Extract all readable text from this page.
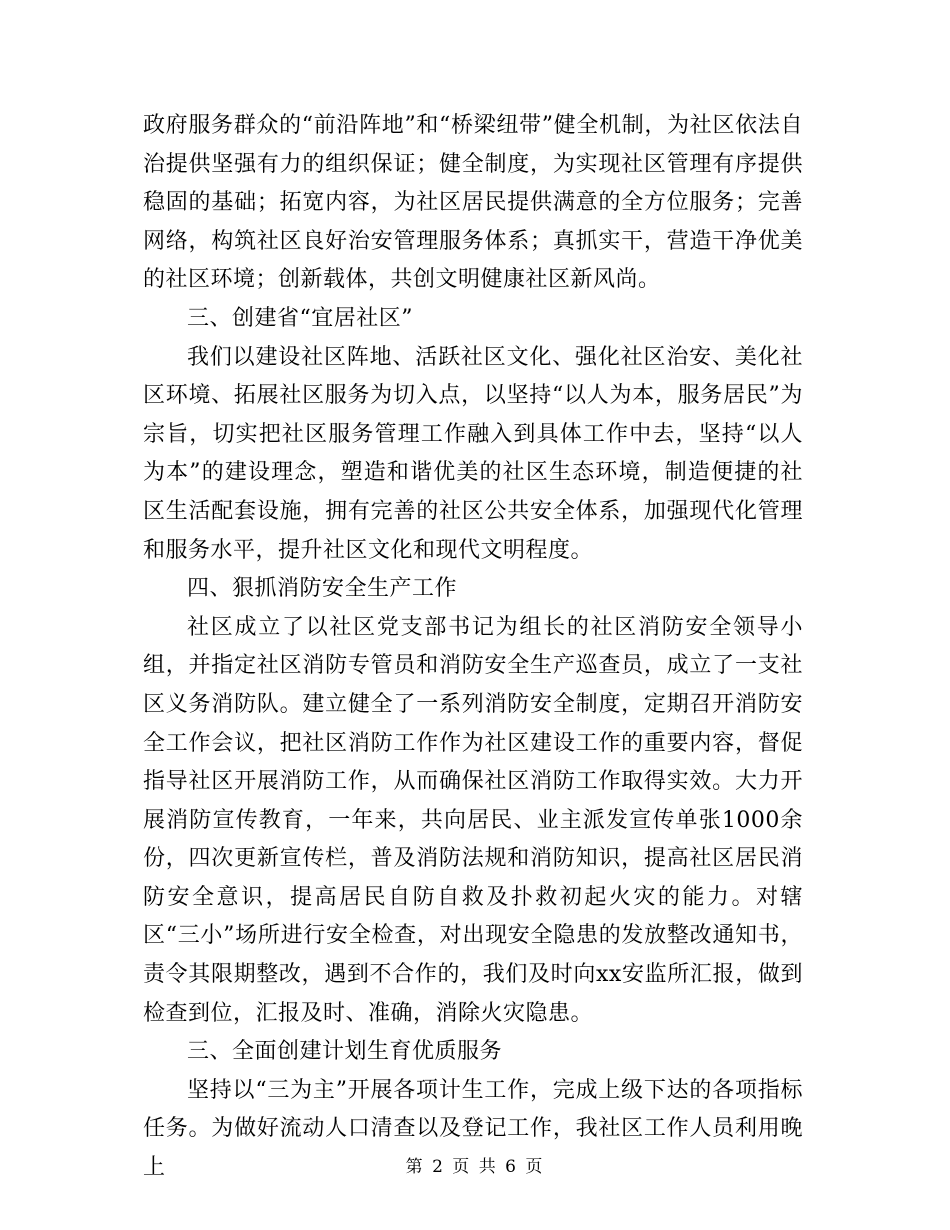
政府服务群众的“前沿阵地”和“桥梁纽带”健全机制，为社区依法自治提供坚强有力的组织保证；健全制度，为实现社区管理有序提供稳固的基础；拓宽内容，为社区居民提供满意的全方位服务；完善网络，构筑社区良好治安管理服务体系；真抓实干，营造干净优美的社区环境；创新载体，共创文明健康社区新风尚。

三、创建省“宜居社区”

我们以建设社区阵地、活跃社区文化、强化社区治安、美化社区环境、拓展社区服务为切入点，以坚持“以人为本，服务居民”为宗旨，切实把社区服务管理工作融入到具体工作中去，坚持“以人为本”的建设理念，塑造和谐优美的社区生态环境，制造便捷的社区生活配套设施，拥有完善的社区公共安全体系，加强现代化管理和服务水平，提升社区文化和现代文明程度。

四、狠抓消防安全生产工作

社区成立了以社区党支部书记为组长的社区消防安全领导小组，并指定社区消防专管员和消防安全生产巡查员，成立了一支社区义务消防队。建立健全了一系列消防安全制度，定期召开消防安全工作会议，把社区消防工作作为社区建设工作的重要内容，督促指导社区开展消防工作，从而确保社区消防工作取得实效。大力开展消防宣传教育，一年来，共向居民、业主派发宣传单张1000余份，四次更新宣传栏，普及消防法规和消防知识，提高社区居民消防安全意识，提高居民自防自救及扑救初起火灾的能力。对辖区“三小”场所进行安全检查，对出现安全隐患的发放整改通知书，责令其限期整改，遇到不合作的，我们及时向xx安监所汇报，做到检查到位，汇报及时、准确，消除火灾隐患。

三、全面创建计划生育优质服务

坚持以“三为主”开展各项计生工作，完成上级下达的各项指标任务。为做好流动人口清查以及登记工作，我社区工作人员利用晚上	第 2 页 共 6 页
